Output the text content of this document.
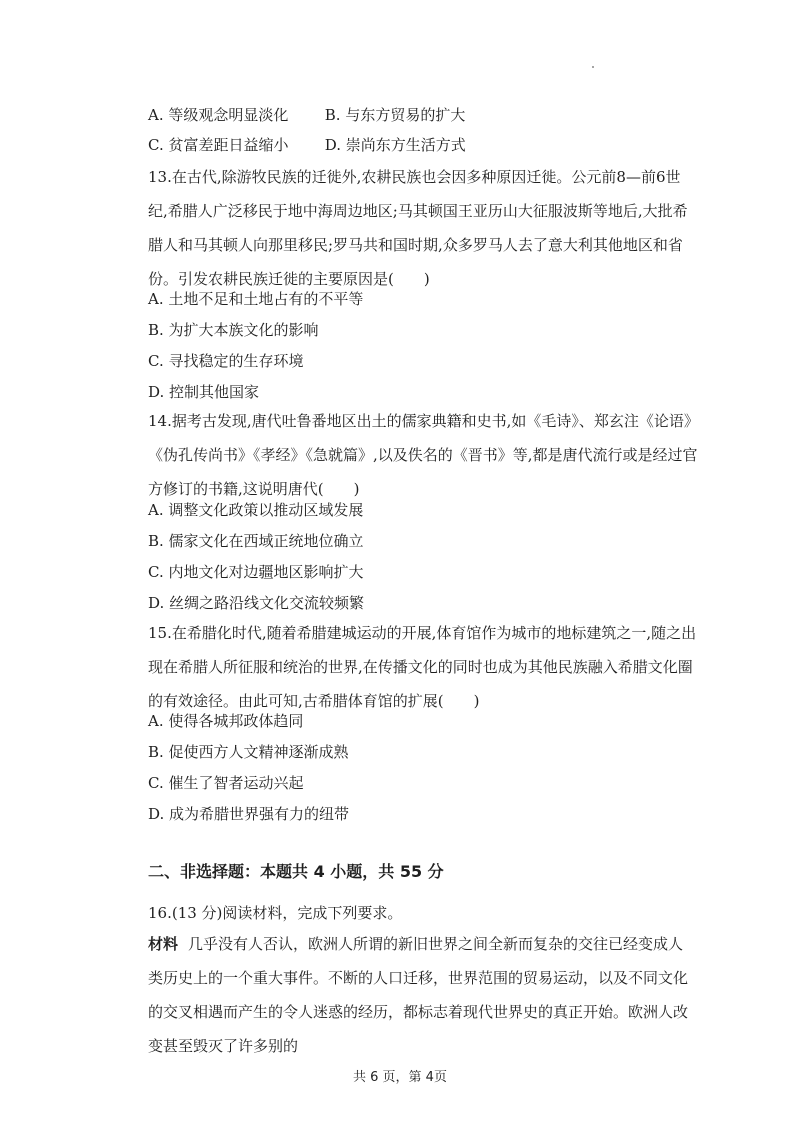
A. 等级观念明显淡化 B. 与东方贸易的扩大
C. 贫富差距日益缩小 D. 崇尚东方生活方式

13.在古代,除游牧民族的迁徙外,农耕民族也会因多种原因迁徙。公元前8—前6世纪,希腊人广泛移民于地中海周边地区;马其顿国王亚历山大征服波斯等地后,大批希腊人和马其顿人向那里移民;罗马共和国时期,众多罗马人去了意大利其他地区和省份。引发农耕民族迁徙的主要原因是(　　)

A. 土地不足和土地占有的不平等
B. 为扩大本族文化的影响
C. 寻找稳定的生存环境
D. 控制其他国家

14.据考古发现,唐代吐鲁番地区出土的儒家典籍和史书,如《毛诗》、郑玄注《论语》《伪孔传尚书》《孝经》《急就篇》,以及佚名的《晋书》等,都是唐代流行或是经过官方修订的书籍,这说明唐代(　　)

A. 调整文化政策以推动区域发展
B. 儒家文化在西域正统地位确立
C. 内地文化对边疆地区影响扩大
D. 丝绸之路沿线文化交流较频繁

15.在希腊化时代,随着希腊建城运动的开展,体育馆作为城市的地标建筑之一,随之出现在希腊人所征服和统治的世界,在传播文化的同时也成为其他民族融入希腊文化圈的有效途径。由此可知,古希腊体育馆的扩展(　　)

A. 使得各城邦政体趋同
B. 促使西方人文精神逐渐成熟
C. 催生了智者运动兴起
D. 成为希腊世界强有力的纽带
二、非选择题：本题共 4 小题，共 55 分
16.(13 分)阅读材料，完成下列要求。

材料 几乎没有人否认，欧洲人所谓的新旧世界之间全新而复杂的交往已经变成人类历史上的一个重大事件。不断的人口迁移，世界范围的贸易运动，以及不同文化的交叉相遇而产生的令人迷惑的经历，都标志着现代世界史的真正开始。欧洲人改变甚至毁灭了许多别的

共 6 页，第 4页
